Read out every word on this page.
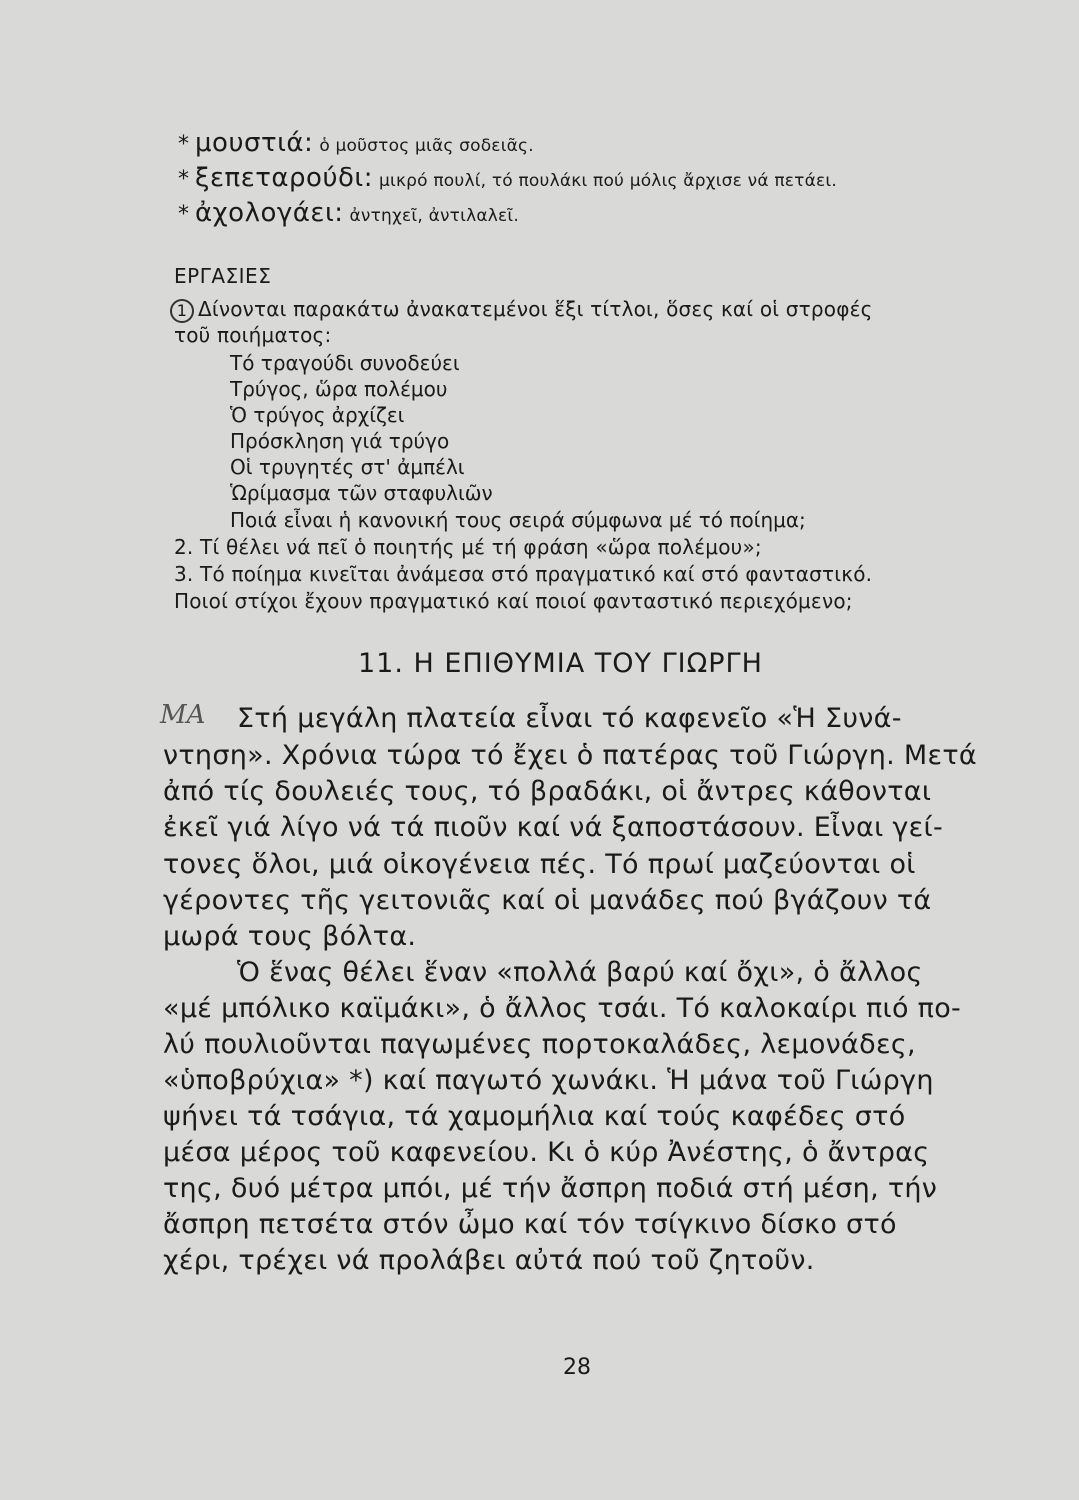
* μουστιά: ὁ μοῦστος μιᾶς σοδειᾶς.
* ξεπεταρούδι: μικρό πουλί, τό πουλάκι πού μόλις ἄρχισε νά πετάει.
* ἀχολογάει: ἀντηχεῖ, ἀντιλαλεῖ.
ΕΡΓΑΣΙΕΣ
1 Δίνονται παρακάτω ἀνακατεμένοι ἕξι τίτλοι, ὅσες καί οἱ στροφές
τοῦ ποιήματος:
Τό τραγούδι συνοδεύει
Τρύγος, ὥρα πολέμου
Ὁ τρύγος ἀρχίζει
Πρόσκληση γιά τρύγο
Οἱ τρυγητές στ' ἀμπέλι
Ὡρίμασμα τῶν σταφυλιῶν
Ποιά εἶναι ἡ κανονική τους σειρά σύμφωνα μέ τό ποίημα;
2. Τί θέλει νά πεῖ ὁ ποιητής μέ τή φράση «ὥρα πολέμου»;
3. Τό ποίημα κινεῖται ἀνάμεσα στό πραγματικό καί στό φανταστικό.
Ποιοί στίχοι ἔχουν πραγματικό καί ποιοί φανταστικό περιεχόμενο;
11. Η ΕΠΙΘΥΜΙΑ ΤΟΥ ΓΙΩΡΓΗ
ΜΑ Στή μεγάλη πλατεία εἶναι τό καφενεῖο «Ἡ Συνά-
ντηση». Χρόνια τώρα τό ἔχει ὁ πατέρας τοῦ Γιώργη. Μετά
ἀπό τίς δουλειές τους, τό βραδάκι, οἱ ἄντρες κάθονται
ἐκεῖ γιά λίγο νά τά πιοῦν καί νά ξαποστάσουν. Εἶναι γεί-
τονες ὅλοι, μιά οἰκογένεια πές. Τό πρωί μαζεύονται οἱ
γέροντες τῆς γειτονιᾶς καί οἱ μανάδες πού βγάζουν τά
μωρά τους βόλτα.
Ὁ ἕνας θέλει ἕναν «πολλά βαρύ καί ὄχι», ὁ ἄλλος
«μέ μπόλικο καϊμάκι», ὁ ἄλλος τσάι. Τό καλοκαίρι πιό πο-
λύ πουλιοῦνται παγωμένες πορτοκαλάδες, λεμονάδες,
«ὑποβρύχια» *) καί παγωτό χωνάκι. Ἡ μάνα τοῦ Γιώργη
ψήνει τά τσάγια, τά χαμομήλια καί τούς καφέδες στό
μέσα μέρος τοῦ καφενείου. Κι ὁ κύρ Ἀνέστης, ὁ ἄντρας
της, δυό μέτρα μπόι, μέ τήν ἄσπρη ποδιά στή μέση, τήν
ἄσπρη πετσέτα στόν ὦμο καί τόν τσίγκινο δίσκο στό
χέρι, τρέχει νά προλάβει αὐτά πού τοῦ ζητοῦν.
28
